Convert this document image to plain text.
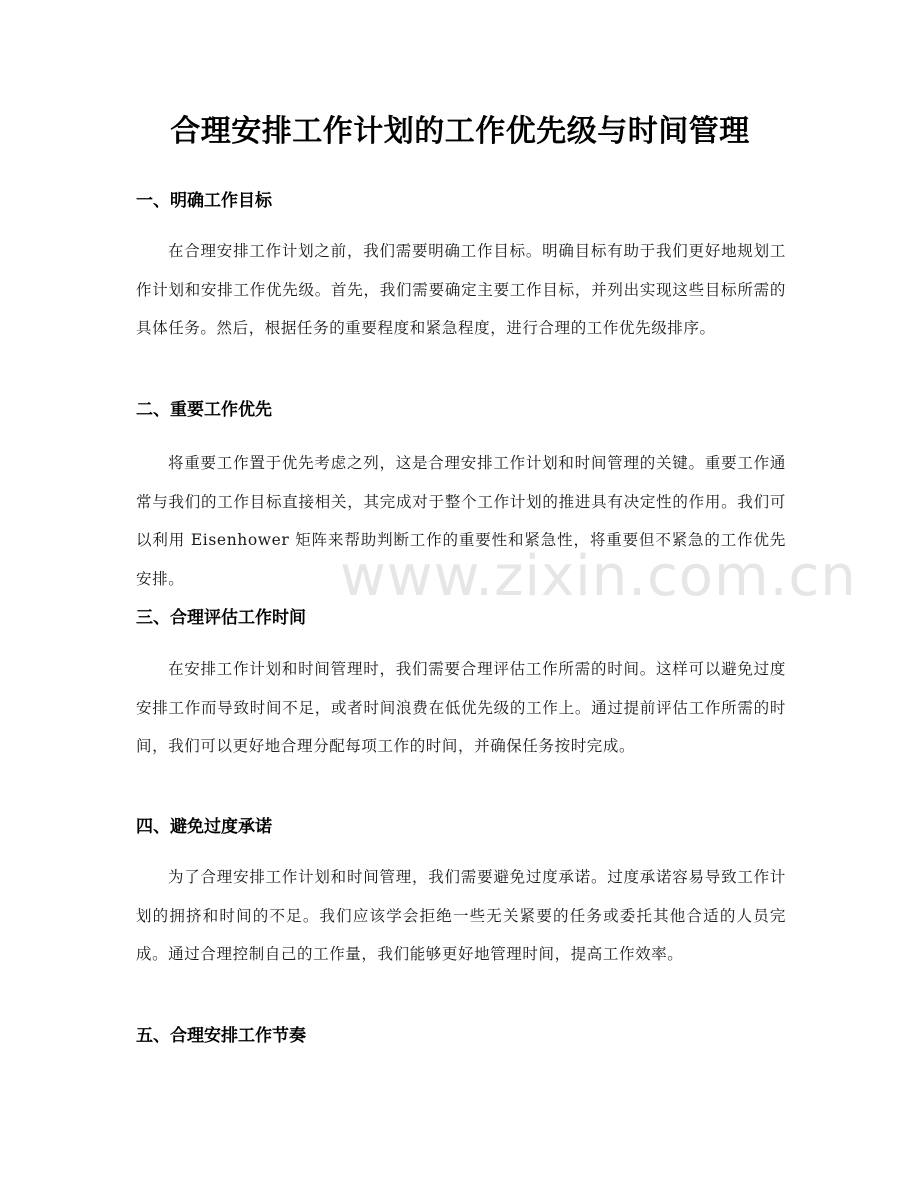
合理安排工作计划的工作优先级与时间管理
一、明确工作目标

在合理安排工作计划之前，我们需要明确工作目标。明确目标有助于我们更好地规划工作计划和安排工作优先级。首先，我们需要确定主要工作目标，并列出实现这些目标所需的具体任务。然后，根据任务的重要程度和紧急程度，进行合理的工作优先级排序。

二、重要工作优先

将重要工作置于优先考虑之列，这是合理安排工作计划和时间管理的关键。重要工作通常与我们的工作目标直接相关，其完成对于整个工作计划的推进具有决定性的作用。我们可以利用 Eisenhower 矩阵来帮助判断工作的重要性和紧急性，将重要但不紧急的工作优先安排。

三、合理评估工作时间

在安排工作计划和时间管理时，我们需要合理评估工作所需的时间。这样可以避免过度安排工作而导致时间不足，或者时间浪费在低优先级的工作上。通过提前评估工作所需的时间，我们可以更好地合理分配每项工作的时间，并确保任务按时完成。

四、避免过度承诺

为了合理安排工作计划和时间管理，我们需要避免过度承诺。过度承诺容易导致工作计划的拥挤和时间的不足。我们应该学会拒绝一些无关紧要的任务或委托其他合适的人员完成。通过合理控制自己的工作量，我们能够更好地管理时间，提高工作效率。

五、合理安排工作节奏
www.zixin.com.cn
